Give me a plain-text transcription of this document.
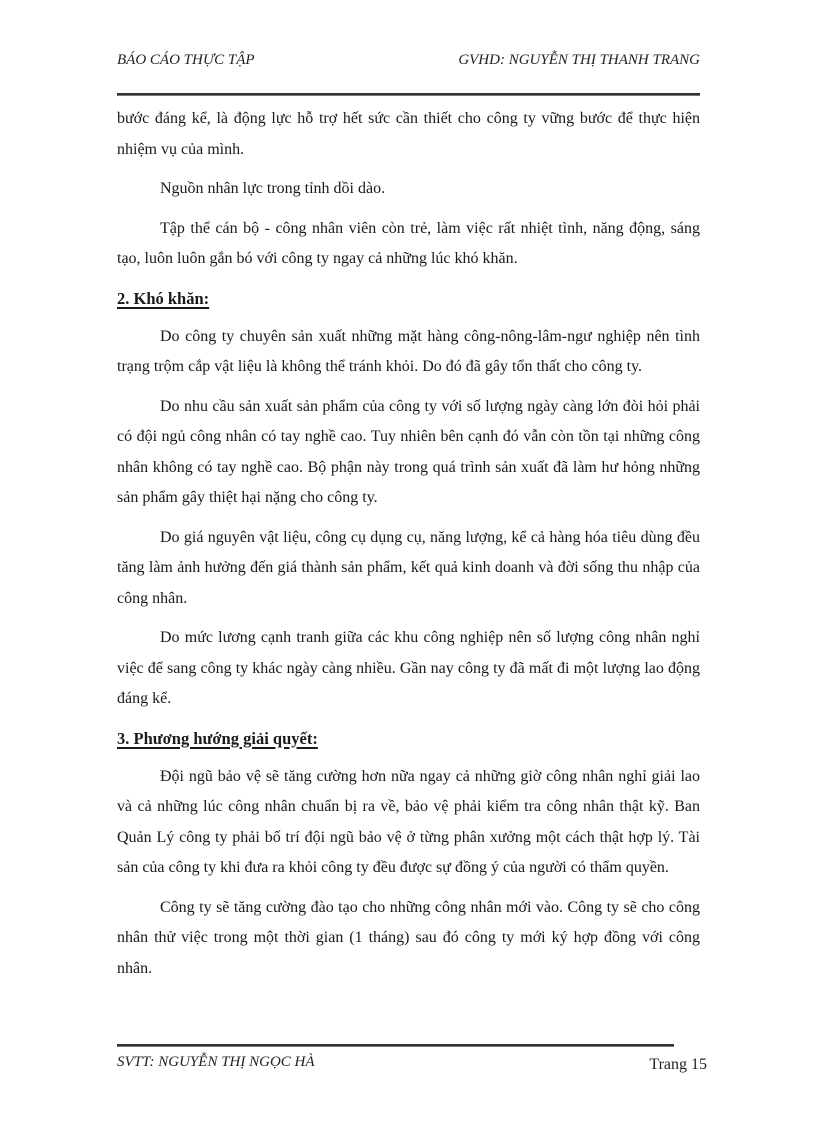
BÁO CÁO THỰC TẬP	GVHD: NGUYỄN THỊ THANH TRANG

bước đáng kể, là động lực hỗ trợ hết sức cần thiết cho công ty vững bước để thực hiện nhiệm vụ của mình.

Nguồn nhân lực trong tỉnh dồi dào.

Tập thể cán bộ - công nhân viên còn trẻ, làm việc rất nhiệt tình, năng động, sáng tạo, luôn luôn gắn bó với công ty ngay cả những lúc khó khăn.

2. Khó khăn:

Do công ty chuyên sản xuất những mặt hàng công-nông-lâm-ngư nghiệp nên tình trạng trộm cắp vật liệu là không thể tránh khỏi. Do đó đã gây tổn thất cho công ty.

Do nhu cầu sản xuất sản phẩm của công ty với số lượng ngày càng lớn đòi hỏi phải có đội ngủ công nhân có tay nghề cao. Tuy nhiên bên cạnh đó vẫn còn tồn tại những công nhân không có tay nghề cao. Bộ phận này trong quá trình sản xuất đã làm hư hỏng những sản phẩm gây thiệt hại nặng cho công ty.

Do giá nguyên vật liệu, công cụ dụng cụ, năng lượng, kể cả hàng hóa tiêu dùng đều tăng làm ảnh hưởng đến giá thành sản phẩm, kết quả kinh doanh và đời sống thu nhập của công nhân.

Do mức lương cạnh tranh giữa các khu công nghiệp nên số lượng công nhân nghỉ việc để sang công ty khác ngày càng nhiều. Gần nay công ty đã mất đi một lượng lao động đáng kể.

3. Phương hướng giải quyết:

Đội ngũ bảo vệ sẽ tăng cường hơn nữa ngay cả những giờ công nhân nghỉ giải lao và cả những lúc công nhân chuẩn bị ra về, bảo vệ phải kiểm tra công nhân thật kỹ. Ban Quản Lý công ty phải bố trí đội ngũ bảo vệ ở từng phân xưởng một cách thật hợp lý. Tài sản của công ty khi đưa ra khỏi công ty đều được sự đồng ý của người có thẩm quyền.

Công ty sẽ tăng cường đào tạo cho những công nhân mới vào. Công ty sẽ cho công nhân thử việc trong một thời gian (1 tháng) sau đó công ty mới ký hợp đồng với công nhân.

SVTT: NGUYỄN THỊ NGỌC HÀ	Trang 15
